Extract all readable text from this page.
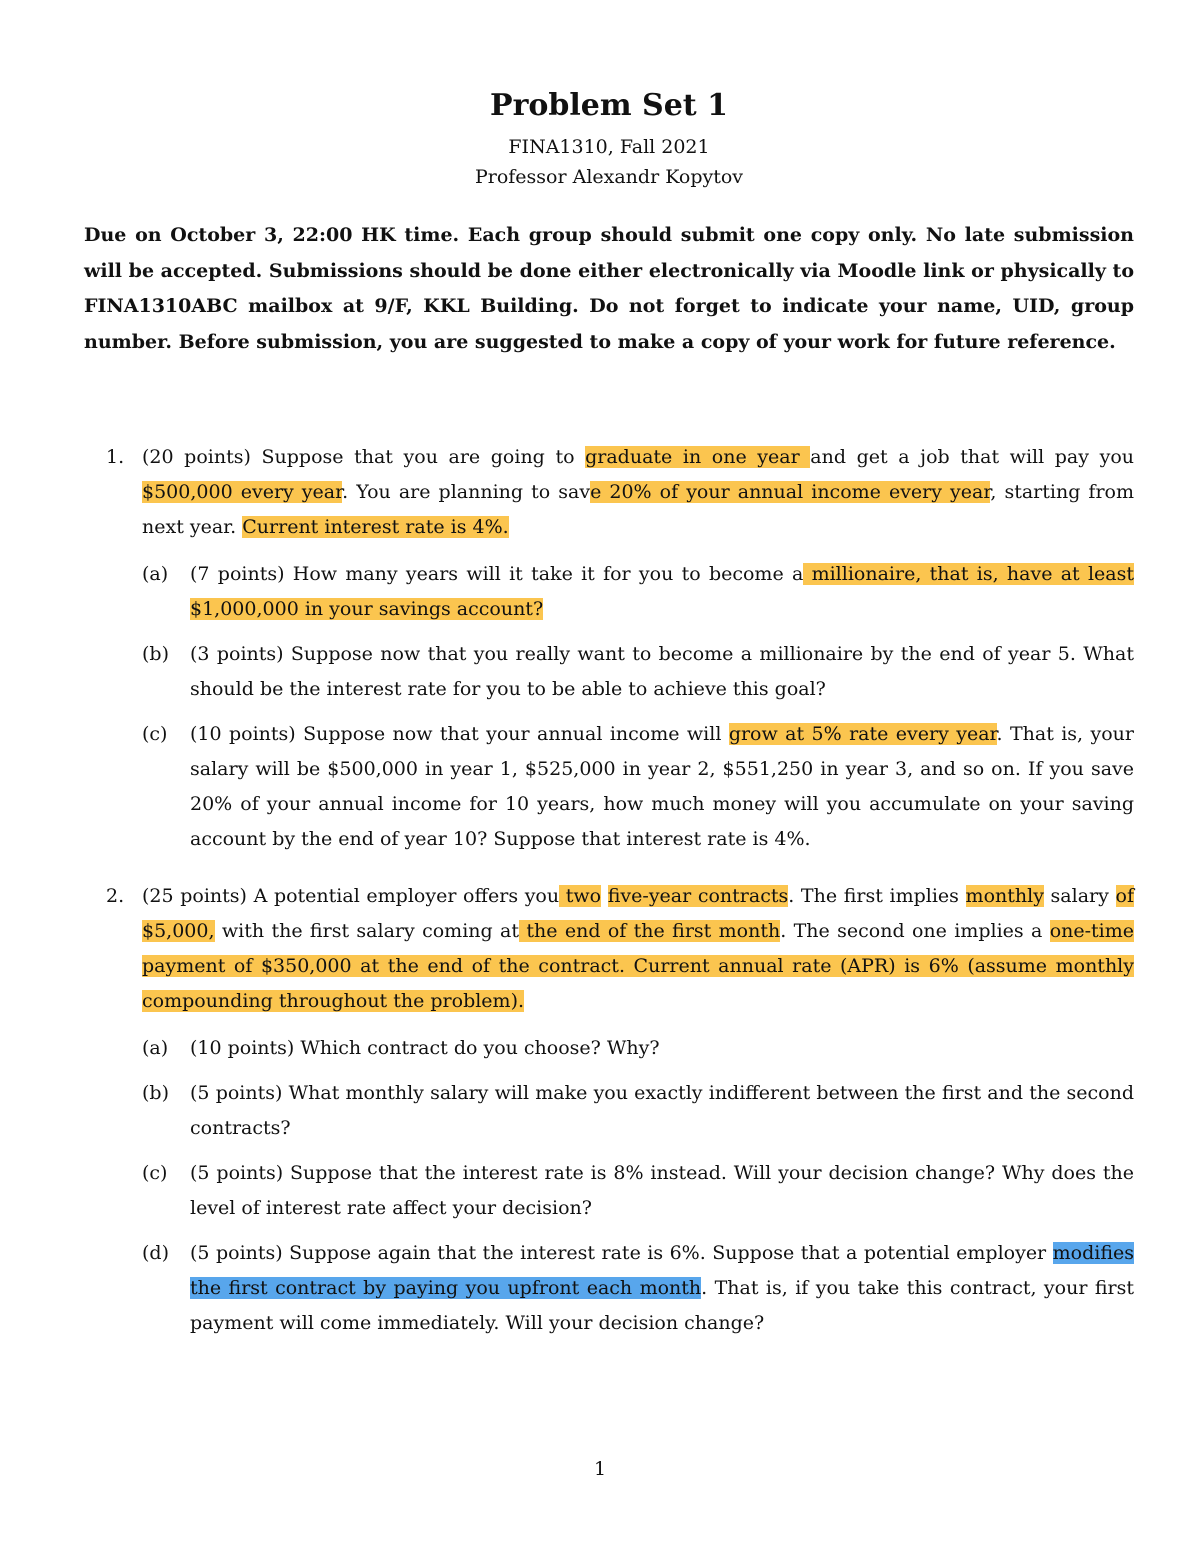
Problem Set 1

FINA1310, Fall 2021

Professor Alexandr Kopytov

Due on October 3, 22:00 HK time. Each group should submit one copy only. No late submission will be accepted. Submissions should be done either electronically via Moodle link or physically to FINA1310ABC mailbox at 9/F, KKL Building. Do not forget to indicate your name, UID, group number. Before submission, you are suggested to make a copy of your work for future reference.
1. (20 points) Suppose that you are going to graduate in one year and get a job that will pay you $500,000 every year. You are planning to save 20% of your annual income every year, starting from next year. Current interest rate is 4%.
(a) (7 points) How many years will it take it for you to become a millionaire, that is, have at least $1,000,000 in your savings account?
(b) (3 points) Suppose now that you really want to become a millionaire by the end of year 5. What should be the interest rate for you to be able to achieve this goal?
(c) (10 points) Suppose now that your annual income will grow at 5% rate every year. That is, your salary will be $500,000 in year 1, $525,000 in year 2, $551,250 in year 3, and so on. If you save 20% of your annual income for 10 years, how much money will you accumulate on your saving account by the end of year 10? Suppose that interest rate is 4%.
2. (25 points) A potential employer offers you two five-year contracts. The first implies monthly salary of $5,000, with the first salary coming at the end of the first month. The second one implies a one-time payment of $350,000 at the end of the contract. Current annual rate (APR) is 6% (assume monthly compounding throughout the problem).
(a) (10 points) Which contract do you choose? Why?
(b) (5 points) What monthly salary will make you exactly indifferent between the first and the second contracts?
(c) (5 points) Suppose that the interest rate is 8% instead. Will your decision change? Why does the level of interest rate affect your decision?
(d) (5 points) Suppose again that the interest rate is 6%. Suppose that a potential employer modifies the first contract by paying you upfront each month. That is, if you take this contract, your first payment will come immediately. Will your decision change?
1
